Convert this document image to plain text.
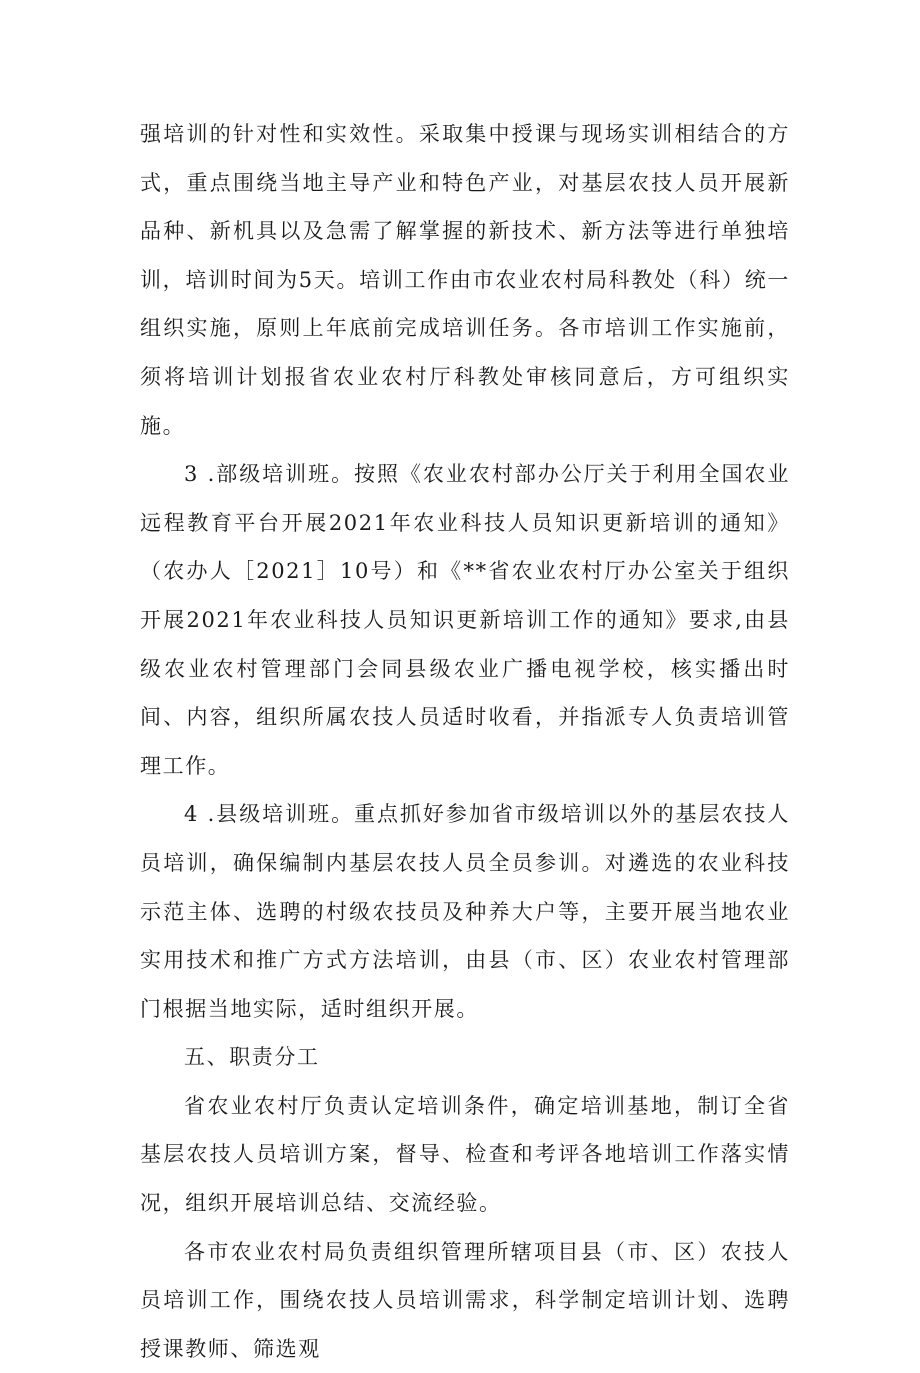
强培训的针对性和实效性。采取集中授课与现场实训相结合的方式，重点围绕当地主导产业和特色产业，对基层农技人员开展新品种、新机具以及急需了解掌握的新技术、新方法等进行单独培训，培训时间为5天。培训工作由市农业农村局科教处（科）统一组织实施，原则上年底前完成培训任务。各市培训工作实施前，须将培训计划报省农业农村厅科教处审核同意后，方可组织实施。

3 .部级培训班。按照《农业农村部办公厅关于利用全国农业远程教育平台开展2021年农业科技人员知识更新培训的通知》（农办人［2021］10号）和《**省农业农村厅办公室关于组织开展2021年农业科技人员知识更新培训工作的通知》要求,由县级农业农村管理部门会同县级农业广播电视学校，核实播出时间、内容，组织所属农技人员适时收看，并指派专人负责培训管理工作。

4 .县级培训班。重点抓好参加省市级培训以外的基层农技人员培训，确保编制内基层农技人员全员参训。对遴选的农业科技示范主体、选聘的村级农技员及种养大户等，主要开展当地农业实用技术和推广方式方法培训，由县（市、区）农业农村管理部门根据当地实际，适时组织开展。

五、职责分工

省农业农村厅负责认定培训条件，确定培训基地，制订全省基层农技人员培训方案，督导、检查和考评各地培训工作落实情况，组织开展培训总结、交流经验。

各市农业农村局负责组织管理所辖项目县（市、区）农技人员培训工作，围绕农技人员培训需求，科学制定培训计划、选聘授课教师、筛选观
